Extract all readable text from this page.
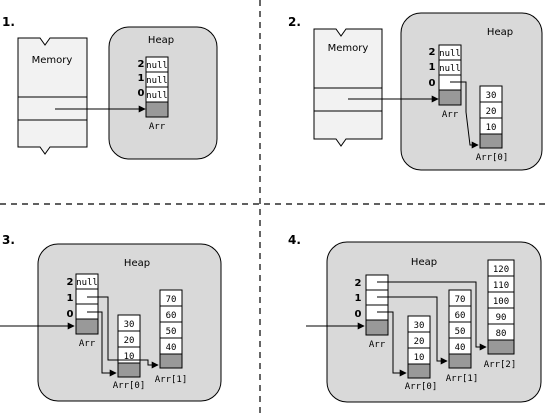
1.
Memory
Heap
2
1
0
null
null
null
Arr
2.
Memory
Heap
2
1
0
null
null
Arr
30
20
10
Arr[0]
3.
Heap
2
1
0
null
Arr
30
20
10
Arr[0]
70
60
50
40
Arr[1]
4.
Heap
2
1
0
Arr
30
20
10
Arr[0]
70
60
50
40
Arr[1]
120
110
100
90
80
Arr[2]
